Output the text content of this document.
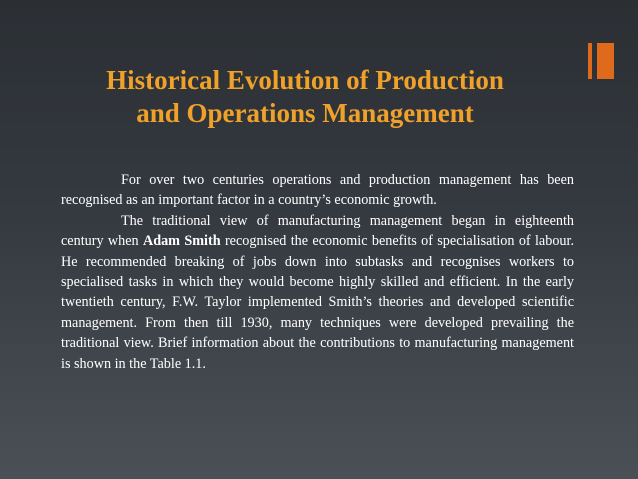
Historical Evolution of Production
and Operations Management

For over two centuries operations and production management has been recognised as an important factor in a country’s economic growth.

The traditional view of manufacturing management began in eighteenth century when Adam Smith recognised the economic benefits of specialisation of labour. He recommended breaking of jobs down into subtasks and recognises workers to specialised tasks in which they would become highly skilled and efficient. In the early twentieth century, F.W. Taylor implemented Smith’s theories and developed scientific management. From then till 1930, many techniques were developed prevailing the traditional view. Brief information about the contributions to manufacturing management is shown in the Table 1.1.
